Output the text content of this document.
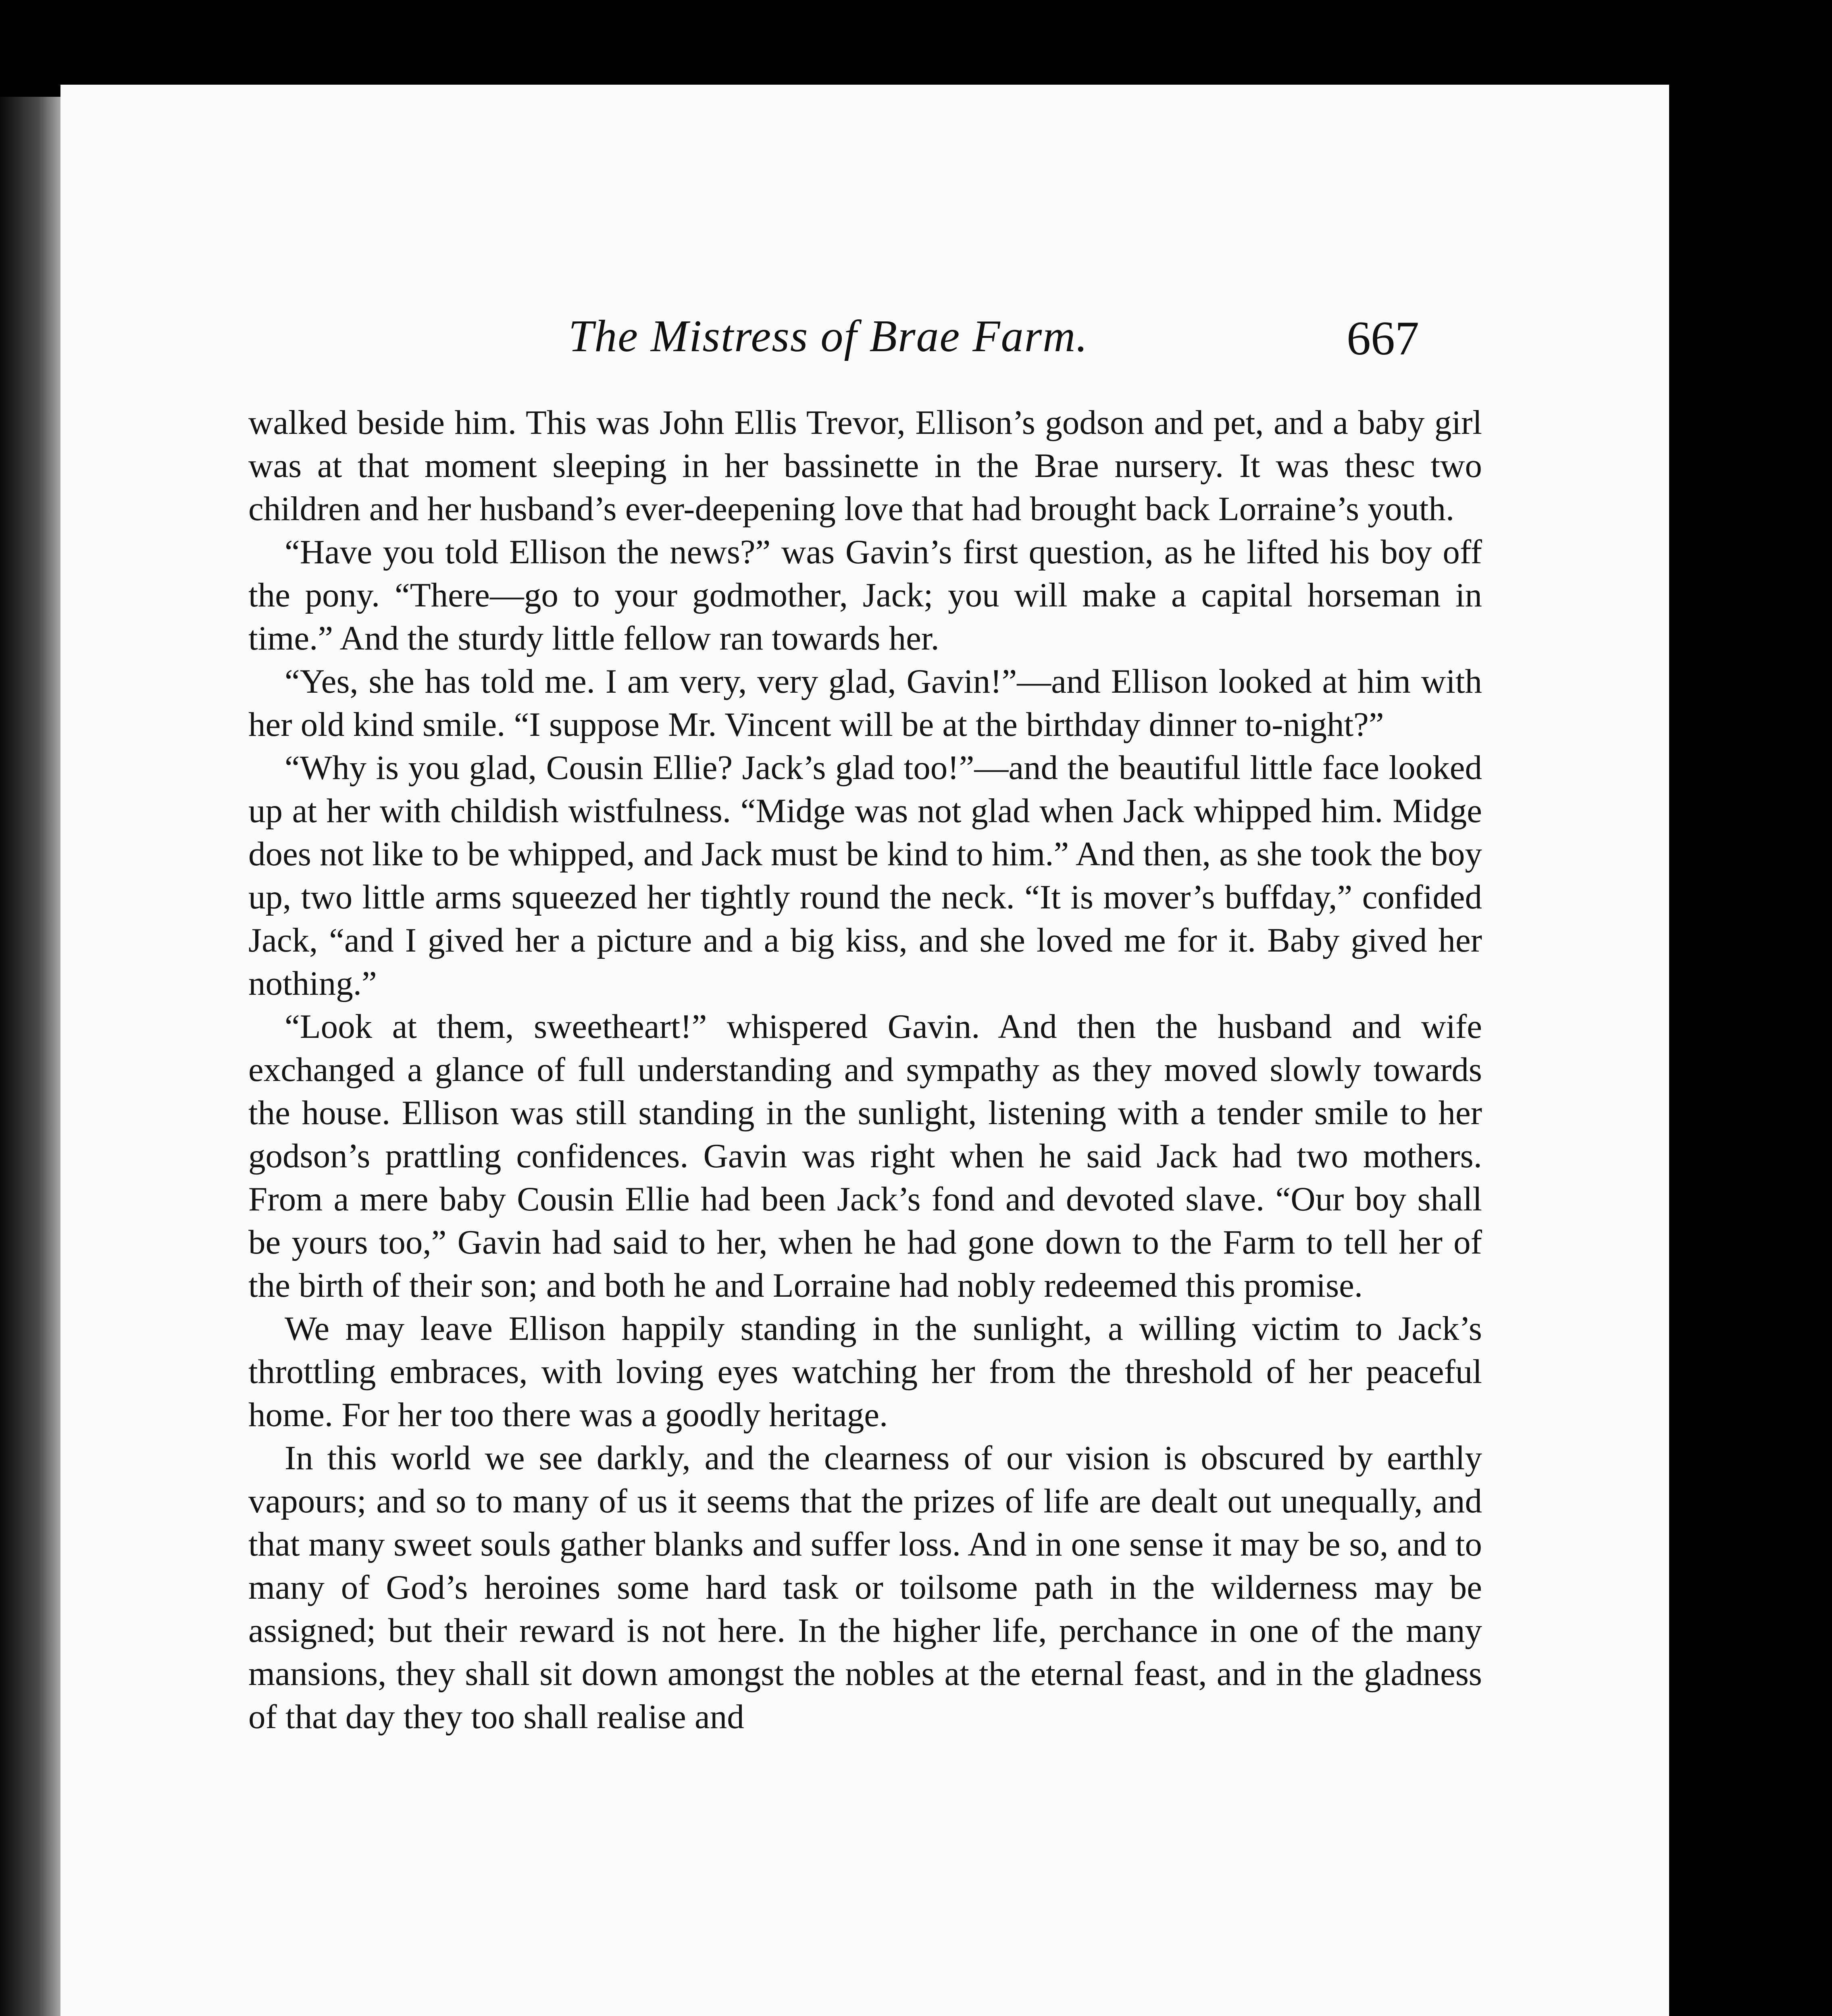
The Mistress of Brae Farm.	667

walked beside him. This was John Ellis Trevor, Ellison’s godson and pet, and a baby girl was at that moment sleeping in her bassinette in the Brae nursery. It was thesc two children and her husband’s ever-deepening love that had brought back Lorraine’s youth.

“Have you told Ellison the news?” was Gavin’s first question, as he lifted his boy off the pony. “There—go to your godmother, Jack; you will make a capital horseman in time.” And the sturdy little fellow ran towards her.

“Yes, she has told me. I am very, very glad, Gavin!”—and Ellison looked at him with her old kind smile. “I suppose Mr. Vincent will be at the birthday dinner to-night?”

“Why is you glad, Cousin Ellie? Jack’s glad too!”—and the beautiful little face looked up at her with childish wistfulness. “Midge was not glad when Jack whipped him. Midge does not like to be whipped, and Jack must be kind to him.” And then, as she took the boy up, two little arms squeezed her tightly round the neck. “It is mover’s buffday,” confided Jack, “and I gived her a picture and a big kiss, and she loved me for it. Baby gived her nothing.”

“Look at them, sweetheart!” whispered Gavin. And then the husband and wife exchanged a glance of full understanding and sympathy as they moved slowly towards the house. Ellison was still standing in the sunlight, listening with a tender smile to her godson’s prattling confidences. Gavin was right when he said Jack had two mothers. From a mere baby Cousin Ellie had been Jack’s fond and devoted slave. “Our boy shall be yours too,” Gavin had said to her, when he had gone down to the Farm to tell her of the birth of their son; and both he and Lorraine had nobly redeemed this promise.

We may leave Ellison happily standing in the sunlight, a willing victim to Jack’s throttling embraces, with loving eyes watching her from the threshold of her peaceful home. For her too there was a goodly heritage.

In this world we see darkly, and the clearness of our vision is obscured by earthly vapours; and so to many of us it seems that the prizes of life are dealt out unequally, and that many sweet souls gather blanks and suffer loss. And in one sense it may be so, and to many of God’s heroines some hard task or toilsome path in the wilderness may be assigned; but their reward is not here. In the higher life, perchance in one of the many mansions, they shall sit down amongst the nobles at the eternal feast, and in the gladness of that day they too shall realise and
